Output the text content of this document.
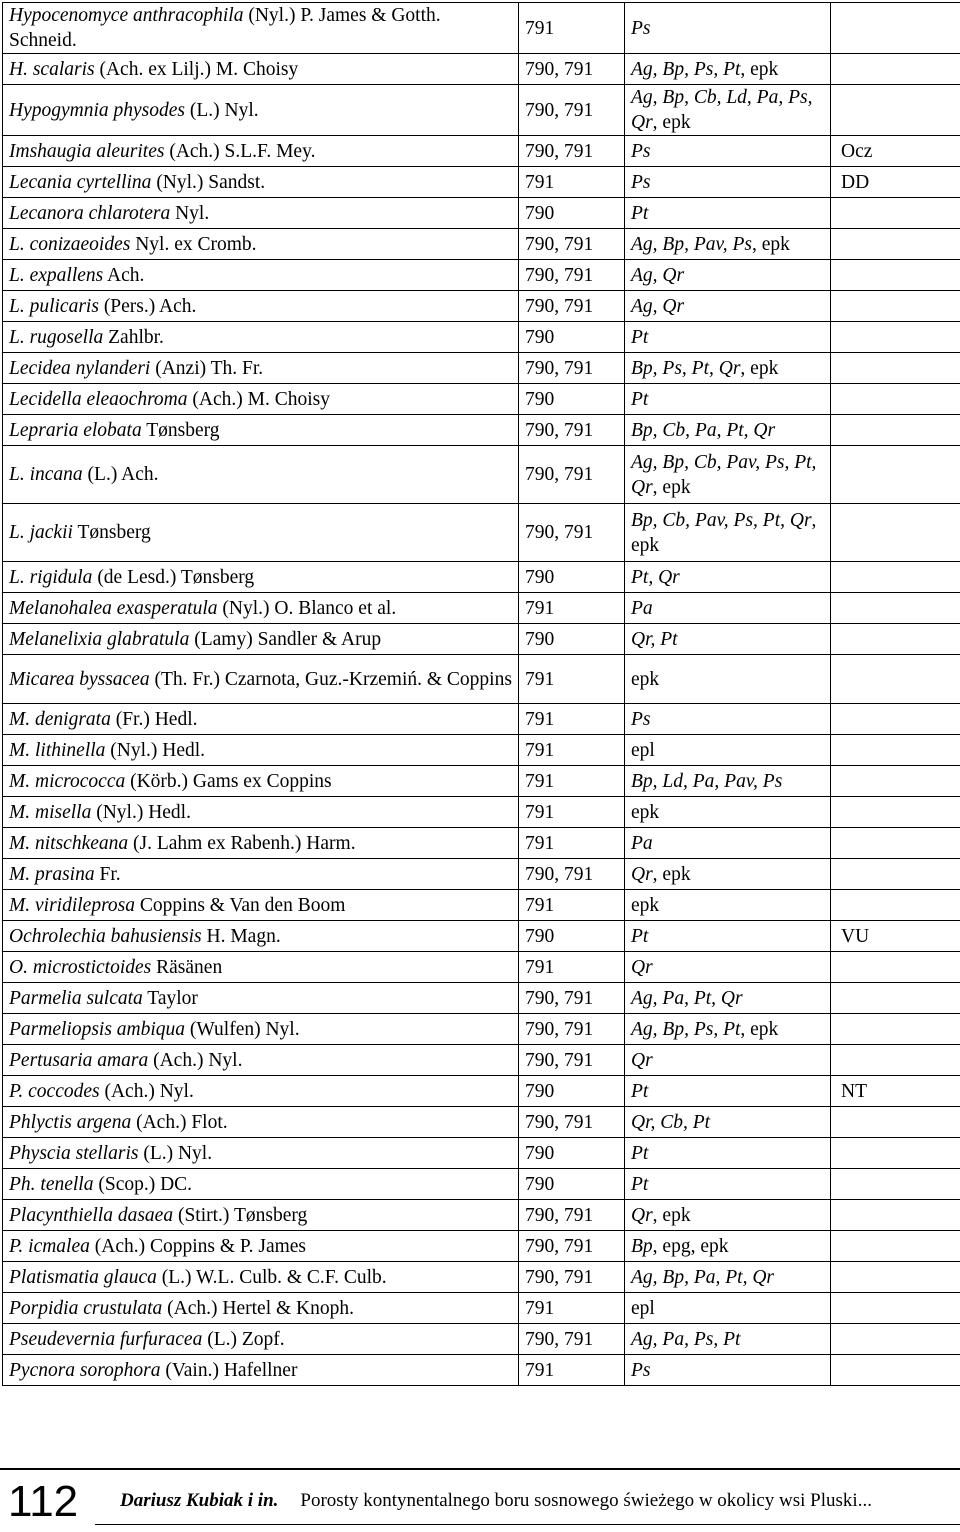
Hypocenomyce anthracophila (Nyl.) P. James & Gotth. Schneid.	791	Ps	
H. scalaris (Ach. ex Lilj.) M. Choisy	790, 791	Ag, Bp, Ps, Pt, epk	
Hypogymnia physodes (L.) Nyl.	790, 791	Ag, Bp, Cb, Ld, Pa, Ps, Qr, epk	
Imshaugia aleurites (Ach.) S.L.F. Mey.	790, 791	Ps	Ocz
Lecania cyrtellina (Nyl.) Sandst.	791	Ps	DD
Lecanora chlarotera Nyl.	790	Pt	
L. conizaeoides Nyl. ex Cromb.	790, 791	Ag, Bp, Pav, Ps, epk	
L. expallens Ach.	790, 791	Ag, Qr	
L. pulicaris (Pers.) Ach.	790, 791	Ag, Qr	
L. rugosella Zahlbr.	790	Pt	
Lecidea nylanderi (Anzi) Th. Fr.	790, 791	Bp, Ps, Pt, Qr, epk	
Lecidella eleaochroma (Ach.) M. Choisy	790	Pt	
Lepraria elobata Tønsberg	790, 791	Bp, Cb, Pa, Pt, Qr	
L. incana (L.) Ach.	790, 791	Ag, Bp, Cb, Pav, Ps, Pt, Qr, epk	
L. jackii Tønsberg	790, 791	Bp, Cb, Pav, Ps, Pt, Qr, epk	
L. rigidula (de Lesd.) Tønsberg	790	Pt, Qr	
Melanohalea exasperatula (Nyl.) O. Blanco et al.	791	Pa	
Melanelixia glabratula (Lamy) Sandler & Arup	790	Qr, Pt	
Micarea byssacea (Th. Fr.) Czarnota, Guz.-Krzemiń. & Coppins	791	epk	
M. denigrata (Fr.) Hedl.	791	Ps	
M. lithinella (Nyl.) Hedl.	791	epl	
M. micrococca (Körb.) Gams ex Coppins	791	Bp, Ld, Pa, Pav, Ps	
M. misella (Nyl.) Hedl.	791	epk	
M. nitschkeana (J. Lahm ex Rabenh.) Harm.	791	Pa	
M. prasina Fr.	790, 791	Qr, epk	
M. viridileprosa Coppins & Van den Boom	791	epk	
Ochrolechia bahusiensis H. Magn.	790	Pt	VU
O. microstictoides Räsänen	791	Qr	
Parmelia sulcata Taylor	790, 791	Ag, Pa, Pt, Qr	
Parmeliopsis ambiqua (Wulfen) Nyl.	790, 791	Ag, Bp, Ps, Pt, epk	
Pertusaria amara (Ach.) Nyl.	790, 791	Qr	
P. coccodes (Ach.) Nyl.	790	Pt	NT
Phlyctis argena (Ach.) Flot.	790, 791	Qr, Cb, Pt	
Physcia stellaris (L.) Nyl.	790	Pt	
Ph. tenella (Scop.) DC.	790	Pt	
Placynthiella dasaea (Stirt.) Tønsberg	790, 791	Qr, epk	
P. icmalea (Ach.) Coppins & P. James	790, 791	Bp, epg, epk	
Platismatia glauca (L.) W.L. Culb. & C.F. Culb.	790, 791	Ag, Bp, Pa, Pt, Qr	
Porpidia crustulata (Ach.) Hertel & Knoph.	791	epl	
Pseudevernia furfuracea (L.) Zopf.	790, 791	Ag, Pa, Ps, Pt	
Pycnora sorophora (Vain.) Hafellner	791	Ps	
112 Dariusz Kubiak i in. Porosty kontynentalnego boru sosnowego świeżego w okolicy wsi Pluski...
